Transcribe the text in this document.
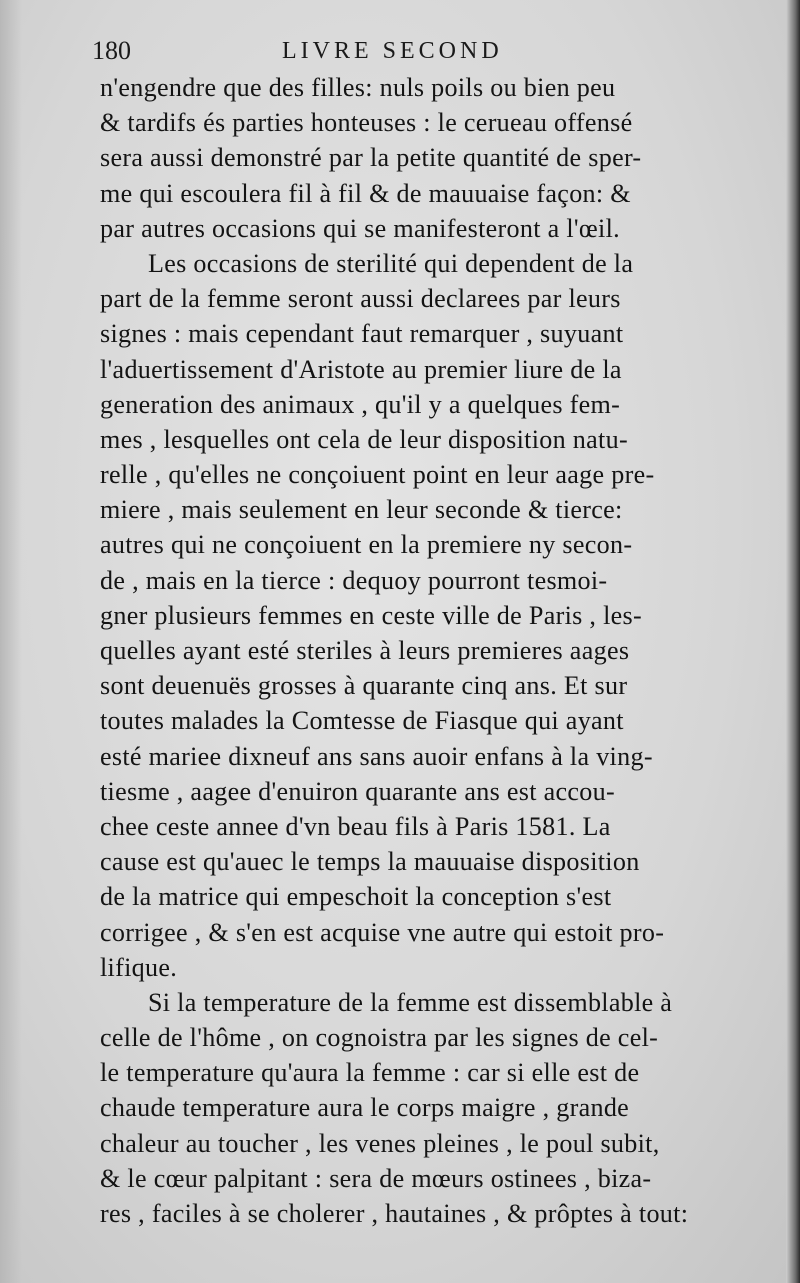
180	LIVRE SECOND
n'engendre que des filles: nuls poils ou bien peu
& tardifs és parties honteuses : le cerueau offensé
sera aussi demonstré par la petite quantité de sper-
me qui escoulera fil à fil & de mauuaise façon: &
par autres occasions qui se manifesteront a l'œil.
Les occasions de sterilité qui dependent de la
part de la femme seront aussi declarees par leurs
signes : mais cependant faut remarquer , suyuant
l'aduertissement d'Aristote au premier liure de la
generation des animaux , qu'il y a quelques fem-
mes , lesquelles ont cela de leur disposition natu-
relle , qu'elles ne conçoiuent point en leur aage pre-
miere , mais seulement en leur seconde & tierce:
autres qui ne conçoiuent en la premiere ny secon-
de , mais en la tierce : dequoy pourront tesmoi-
gner plusieurs femmes en ceste ville de Paris , les-
quelles ayant esté steriles à leurs premieres aages
sont deuenuës grosses à quarante cinq ans. Et sur
toutes malades la Comtesse de Fiasque qui ayant
esté mariee dixneuf ans sans auoir enfans à la ving-
tiesme , aagee d'enuiron quarante ans est accou-
chee ceste annee d'vn beau fils à Paris 1581. La
cause est qu'auec le temps la mauuaise disposition
de la matrice qui empeschoit la conception s'est
corrigee , & s'en est acquise vne autre qui estoit pro-
lifique.
Si la temperature de la femme est dissemblable à
celle de l'hôme , on cognoistra par les signes de cel-
le temperature qu'aura la femme : car si elle est de
chaude temperature aura le corps maigre , grande
chaleur au toucher , les venes pleines , le poul subit,
& le cœur palpitant : sera de mœurs ostinees , biza-
res , faciles à se cholerer , hautaines , & prôptes à tout:
